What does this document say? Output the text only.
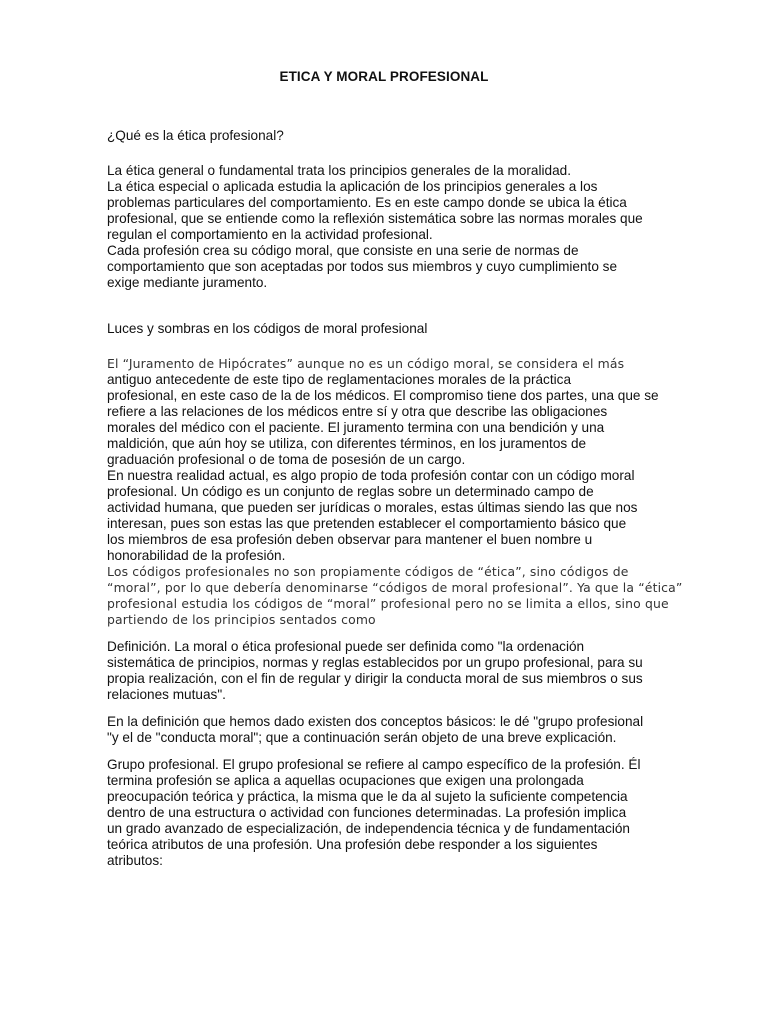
ETICA Y MORAL PROFESIONAL
¿Qué es la ética profesional?
La ética general o fundamental trata los principios generales de la moralidad.
La ética especial o aplicada estudia la aplicación de los principios generales a los
problemas particulares del comportamiento. Es en este campo donde se ubica la ética
profesional, que se entiende como la reflexión sistemática sobre las normas morales que
regulan el comportamiento en la actividad profesional.
Cada profesión crea su código moral, que consiste en una serie de normas de
comportamiento que son aceptadas por todos sus miembros y cuyo cumplimiento se
exige mediante juramento.
Luces y sombras en los códigos de moral profesional
El “Juramento de Hipócrates” aunque no es un código moral, se considera el más
antiguo antecedente de este tipo de reglamentaciones morales de la práctica
profesional, en este caso de la de los médicos. El compromiso tiene dos partes, una que se
refiere a las relaciones de los médicos entre sí y otra que describe las obligaciones
morales del médico con el paciente. El juramento termina con una bendición y una
maldición, que aún hoy se utiliza, con diferentes términos, en los juramentos de
graduación profesional o de toma de posesión de un cargo.
En nuestra realidad actual, es algo propio de toda profesión contar con un código moral
profesional. Un código es un conjunto de reglas sobre un determinado campo de
actividad humana, que pueden ser jurídicas o morales, estas últimas siendo las que nos
interesan, pues son estas las que pretenden establecer el comportamiento básico que
los miembros de esa profesión deben observar para mantener el buen nombre u
honorabilidad de la profesión.
Los códigos profesionales no son propiamente códigos de “ética”, sino códigos de
“moral”, por lo que debería denominarse “códigos de moral profesional”. Ya que la “ética”
profesional estudia los códigos de “moral” profesional pero no se limita a ellos, sino que
partiendo de los principios sentados como
Definición. La moral o ética profesional puede ser definida como "la ordenación
sistemática de principios, normas y reglas establecidos por un grupo profesional, para su
propia realización, con el fin de regular y dirigir la conducta moral de sus miembros o sus
relaciones mutuas".
En la definición que hemos dado existen dos conceptos básicos: le dé "grupo profesional
"y el de "conducta moral"; que a continuación serán objeto de una breve explicación.
Grupo profesional. El grupo profesional se refiere al campo específico de la profesión. Él
termina profesión se aplica a aquellas ocupaciones que exigen una prolongada
preocupación teórica y práctica, la misma que le da al sujeto la suficiente competencia
dentro de una estructura o actividad con funciones determinadas. La profesión implica
un grado avanzado de especialización, de independencia técnica y de fundamentación
teórica atributos de una profesión. Una profesión debe responder a los siguientes
atributos:
